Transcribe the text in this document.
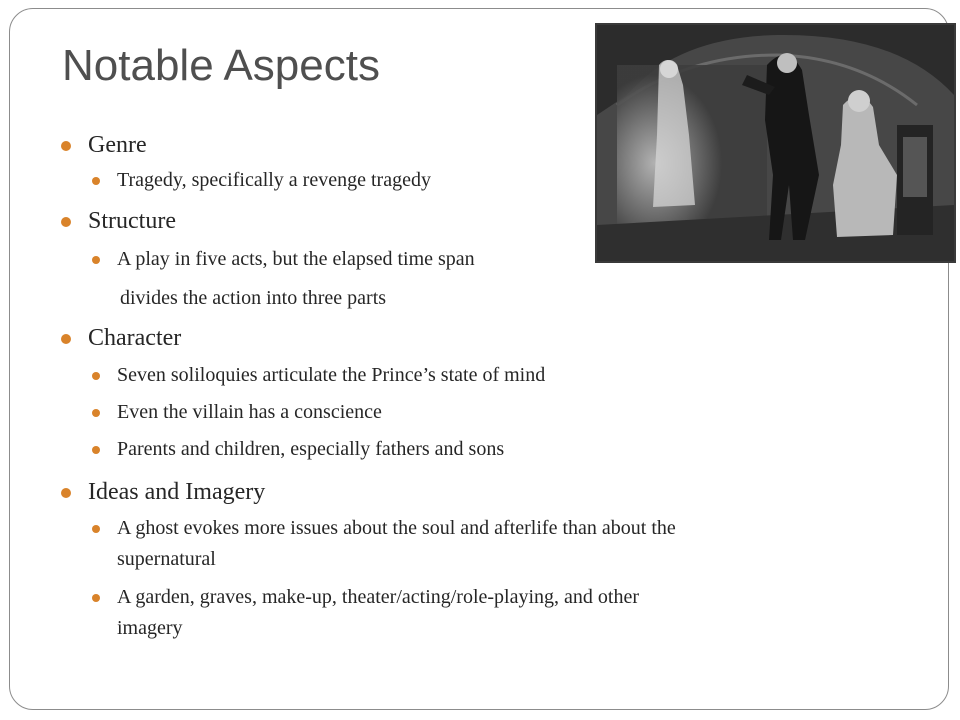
Notable Aspects
Genre
Tragedy, specifically a revenge tragedy
Structure
A play in five acts, but the elapsed time span
divides the action into three parts
Character
Seven soliloquies articulate the Prince’s state of mind
Even the villain has a conscience
Parents and children, especially fathers and sons
Ideas and Imagery
A ghost evokes more issues about the soul and afterlife than about the
supernatural
A garden, graves, make-up, theater/acting/role-playing, and other
imagery
